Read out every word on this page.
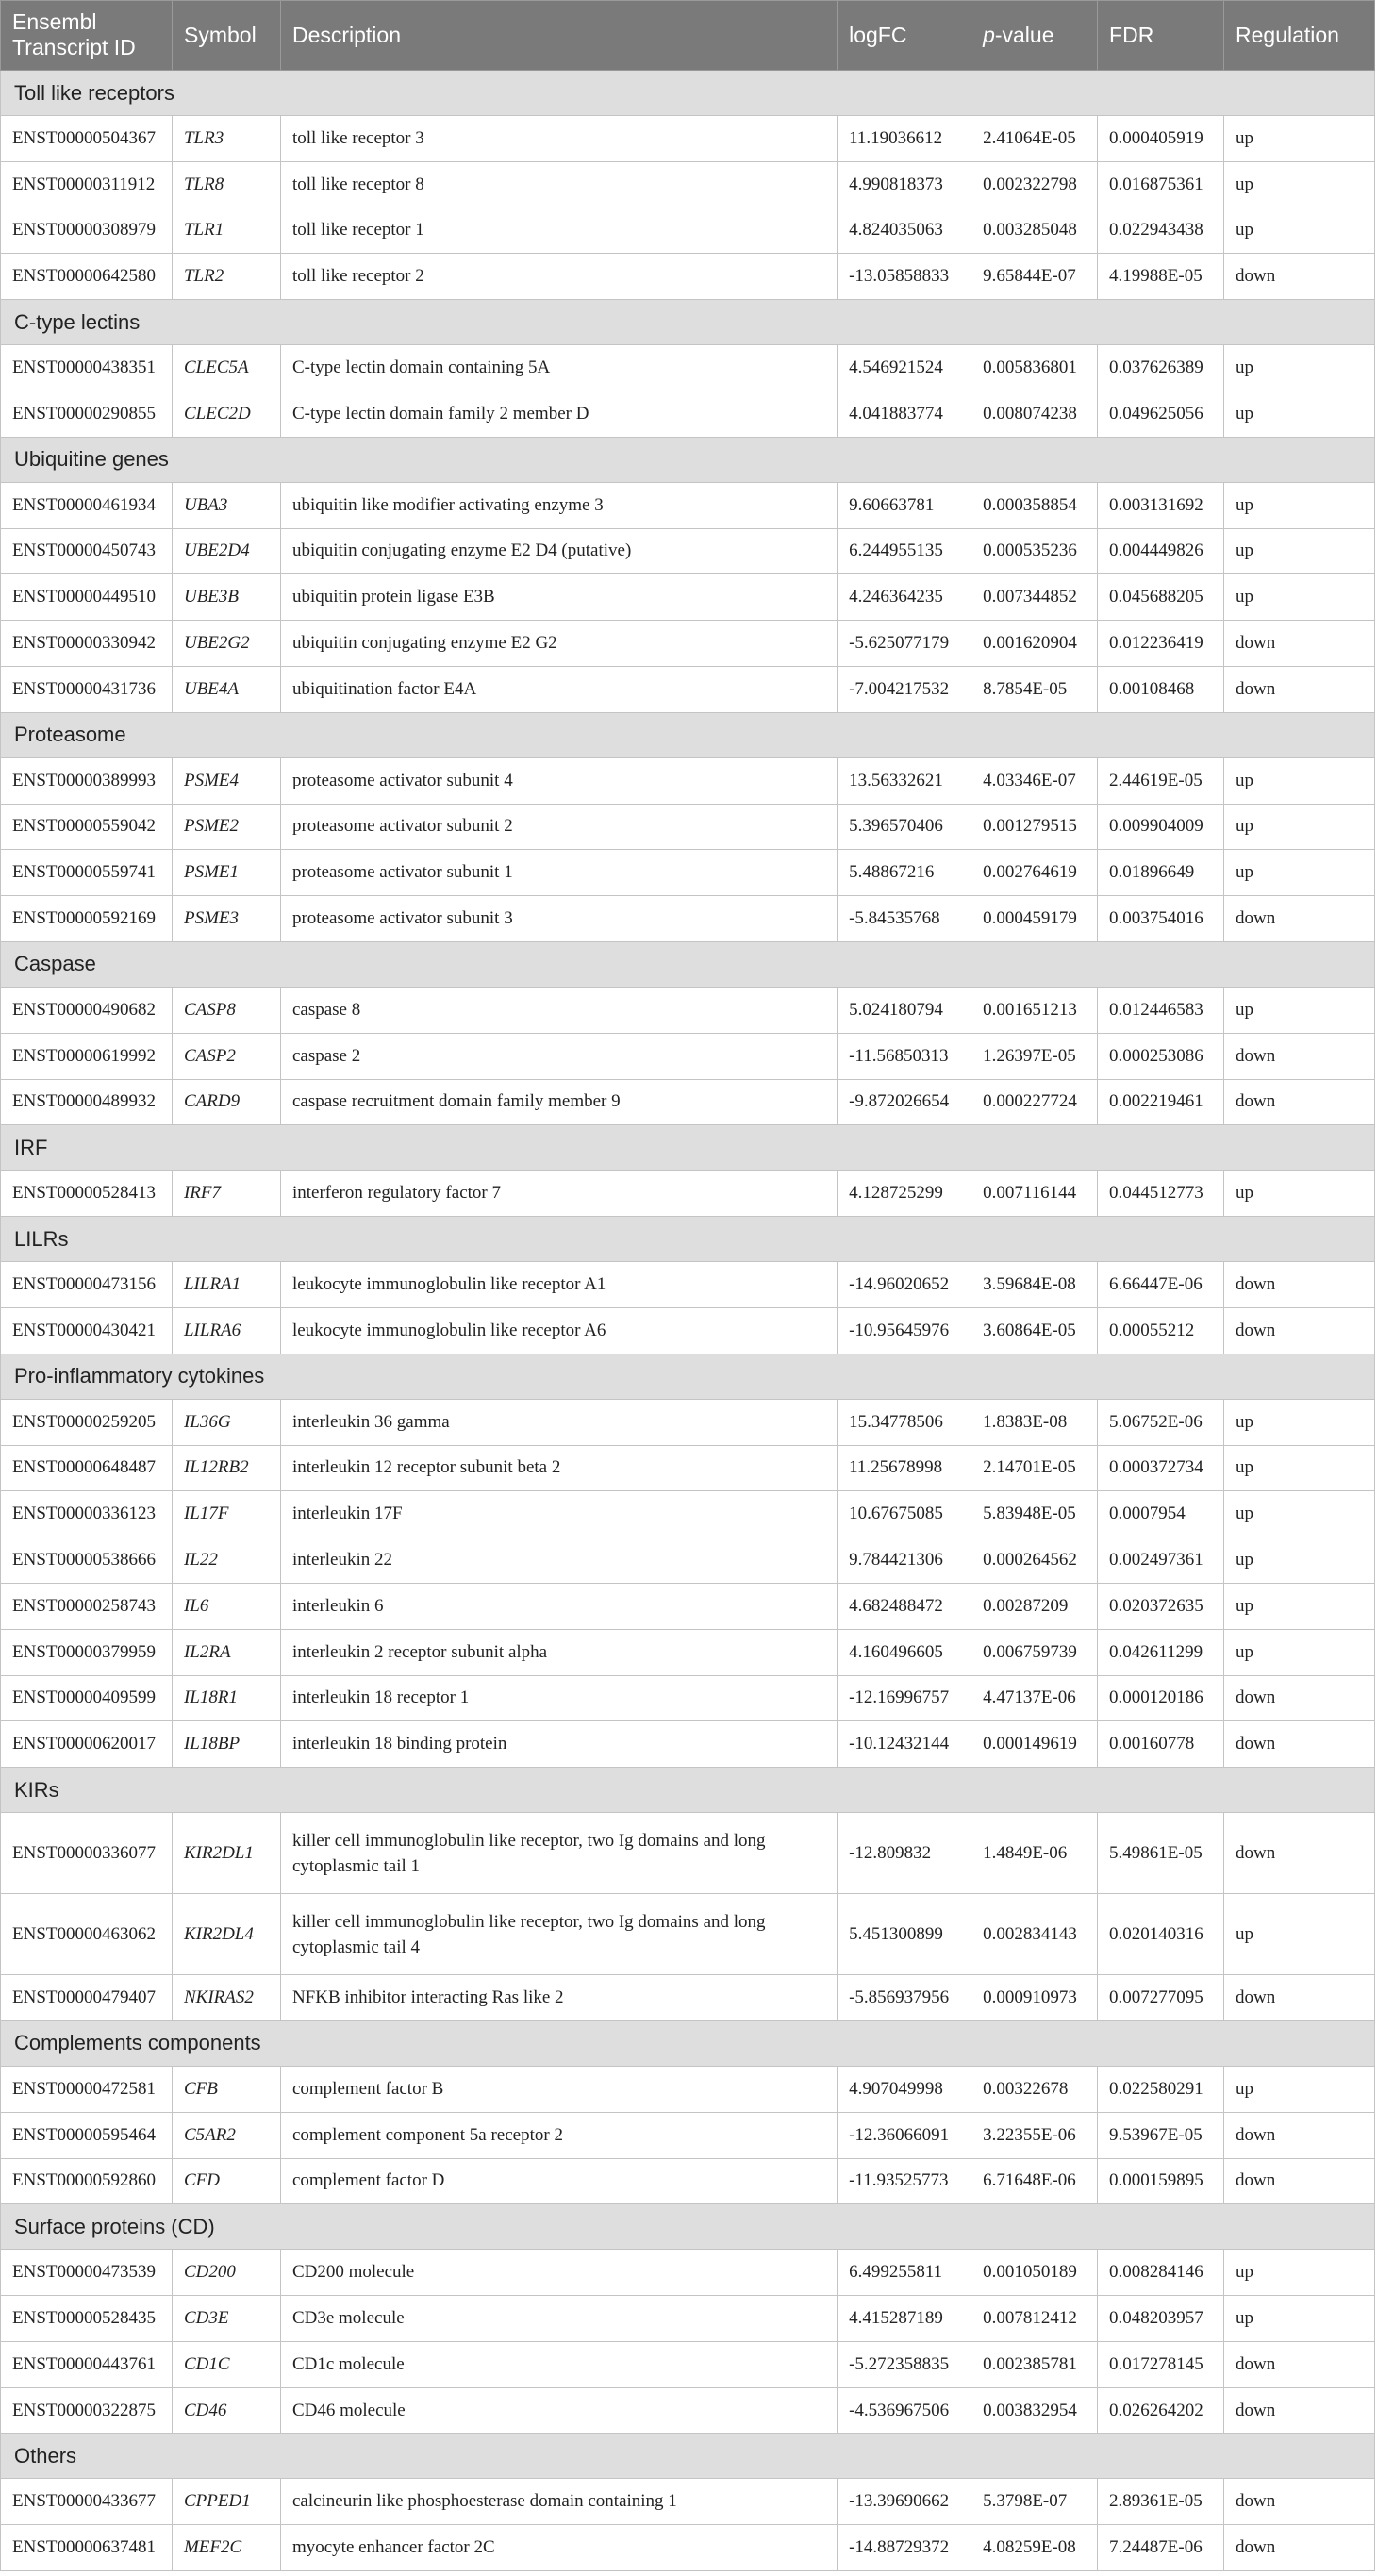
Ensembl Transcript ID	Symbol	Description	logFC	p-value	FDR	Regulation
Toll like receptors						
ENST00000504367	TLR3	toll like receptor 3	11.19036612	2.41064E-05	0.000405919	up
ENST00000311912	TLR8	toll like receptor 8	4.990818373	0.002322798	0.016875361	up
ENST00000308979	TLR1	toll like receptor 1	4.824035063	0.003285048	0.022943438	up
ENST00000642580	TLR2	toll like receptor 2	-13.05858833	9.65844E-07	4.19988E-05	down
C-type lectins						
ENST00000438351	CLEC5A	C-type lectin domain containing 5A	4.546921524	0.005836801	0.037626389	up
ENST00000290855	CLEC2D	C-type lectin domain family 2 member D	4.041883774	0.008074238	0.049625056	up
Ubiquitine genes						
ENST00000461934	UBA3	ubiquitin like modifier activating enzyme 3	9.60663781	0.000358854	0.003131692	up
ENST00000450743	UBE2D4	ubiquitin conjugating enzyme E2 D4 (putative)	6.244955135	0.000535236	0.004449826	up
ENST00000449510	UBE3B	ubiquitin protein ligase E3B	4.246364235	0.007344852	0.045688205	up
ENST00000330942	UBE2G2	ubiquitin conjugating enzyme E2 G2	-5.625077179	0.001620904	0.012236419	down
ENST00000431736	UBE4A	ubiquitination factor E4A	-7.004217532	8.7854E-05	0.00108468	down
Proteasome						
ENST00000389993	PSME4	proteasome activator subunit 4	13.56332621	4.03346E-07	2.44619E-05	up
ENST00000559042	PSME2	proteasome activator subunit 2	5.396570406	0.001279515	0.009904009	up
ENST00000559741	PSME1	proteasome activator subunit 1	5.48867216	0.002764619	0.01896649	up
ENST00000592169	PSME3	proteasome activator subunit 3	-5.84535768	0.000459179	0.003754016	down
Caspase						
ENST00000490682	CASP8	caspase 8	5.024180794	0.001651213	0.012446583	up
ENST00000619992	CASP2	caspase 2	-11.56850313	1.26397E-05	0.000253086	down
ENST00000489932	CARD9	caspase recruitment domain family member 9	-9.872026654	0.000227724	0.002219461	down
IRF						
ENST00000528413	IRF7	interferon regulatory factor 7	4.128725299	0.007116144	0.044512773	up
LILRs						
ENST00000473156	LILRA1	leukocyte immunoglobulin like receptor A1	-14.96020652	3.59684E-08	6.66447E-06	down
ENST00000430421	LILRA6	leukocyte immunoglobulin like receptor A6	-10.95645976	3.60864E-05	0.00055212	down
Pro-inflammatory cytokines						
ENST00000259205	IL36G	interleukin 36 gamma	15.34778506	1.8383E-08	5.06752E-06	up
ENST00000648487	IL12RB2	interleukin 12 receptor subunit beta 2	11.25678998	2.14701E-05	0.000372734	up
ENST00000336123	IL17F	interleukin 17F	10.67675085	5.83948E-05	0.0007954	up
ENST00000538666	IL22	interleukin 22	9.784421306	0.000264562	0.002497361	up
ENST00000258743	IL6	interleukin 6	4.682488472	0.00287209	0.020372635	up
ENST00000379959	IL2RA	interleukin 2 receptor subunit alpha	4.160496605	0.006759739	0.042611299	up
ENST00000409599	IL18R1	interleukin 18 receptor 1	-12.16996757	4.47137E-06	0.000120186	down
ENST00000620017	IL18BP	interleukin 18 binding protein	-10.12432144	0.000149619	0.00160778	down
KIRs						
ENST00000336077	KIR2DL1	killer cell immunoglobulin like receptor, two Ig domains and long cytoplasmic tail 1	-12.809832	1.4849E-06	5.49861E-05	down
ENST00000463062	KIR2DL4	killer cell immunoglobulin like receptor, two Ig domains and long cytoplasmic tail 4	5.451300899	0.002834143	0.020140316	up
ENST00000479407	NKIRAS2	NFKB inhibitor interacting Ras like 2	-5.856937956	0.000910973	0.007277095	down
Complements components						
ENST00000472581	CFB	complement factor B	4.907049998	0.00322678	0.022580291	up
ENST00000595464	C5AR2	complement component 5a receptor 2	-12.36066091	3.22355E-06	9.53967E-05	down
ENST00000592860	CFD	complement factor D	-11.93525773	6.71648E-06	0.000159895	down
Surface proteins (CD)						
ENST00000473539	CD200	CD200 molecule	6.499255811	0.001050189	0.008284146	up
ENST00000528435	CD3E	CD3e molecule	4.415287189	0.007812412	0.048203957	up
ENST00000443761	CD1C	CD1c molecule	-5.272358835	0.002385781	0.017278145	down
ENST00000322875	CD46	CD46 molecule	-4.536967506	0.003832954	0.026264202	down
Others						
ENST00000433677	CPPED1	calcineurin like phosphoesterase domain containing 1	-13.39690662	5.3798E-07	2.89361E-05	down
ENST00000637481	MEF2C	myocyte enhancer factor 2C	-14.88729372	4.08259E-08	7.24487E-06	down
